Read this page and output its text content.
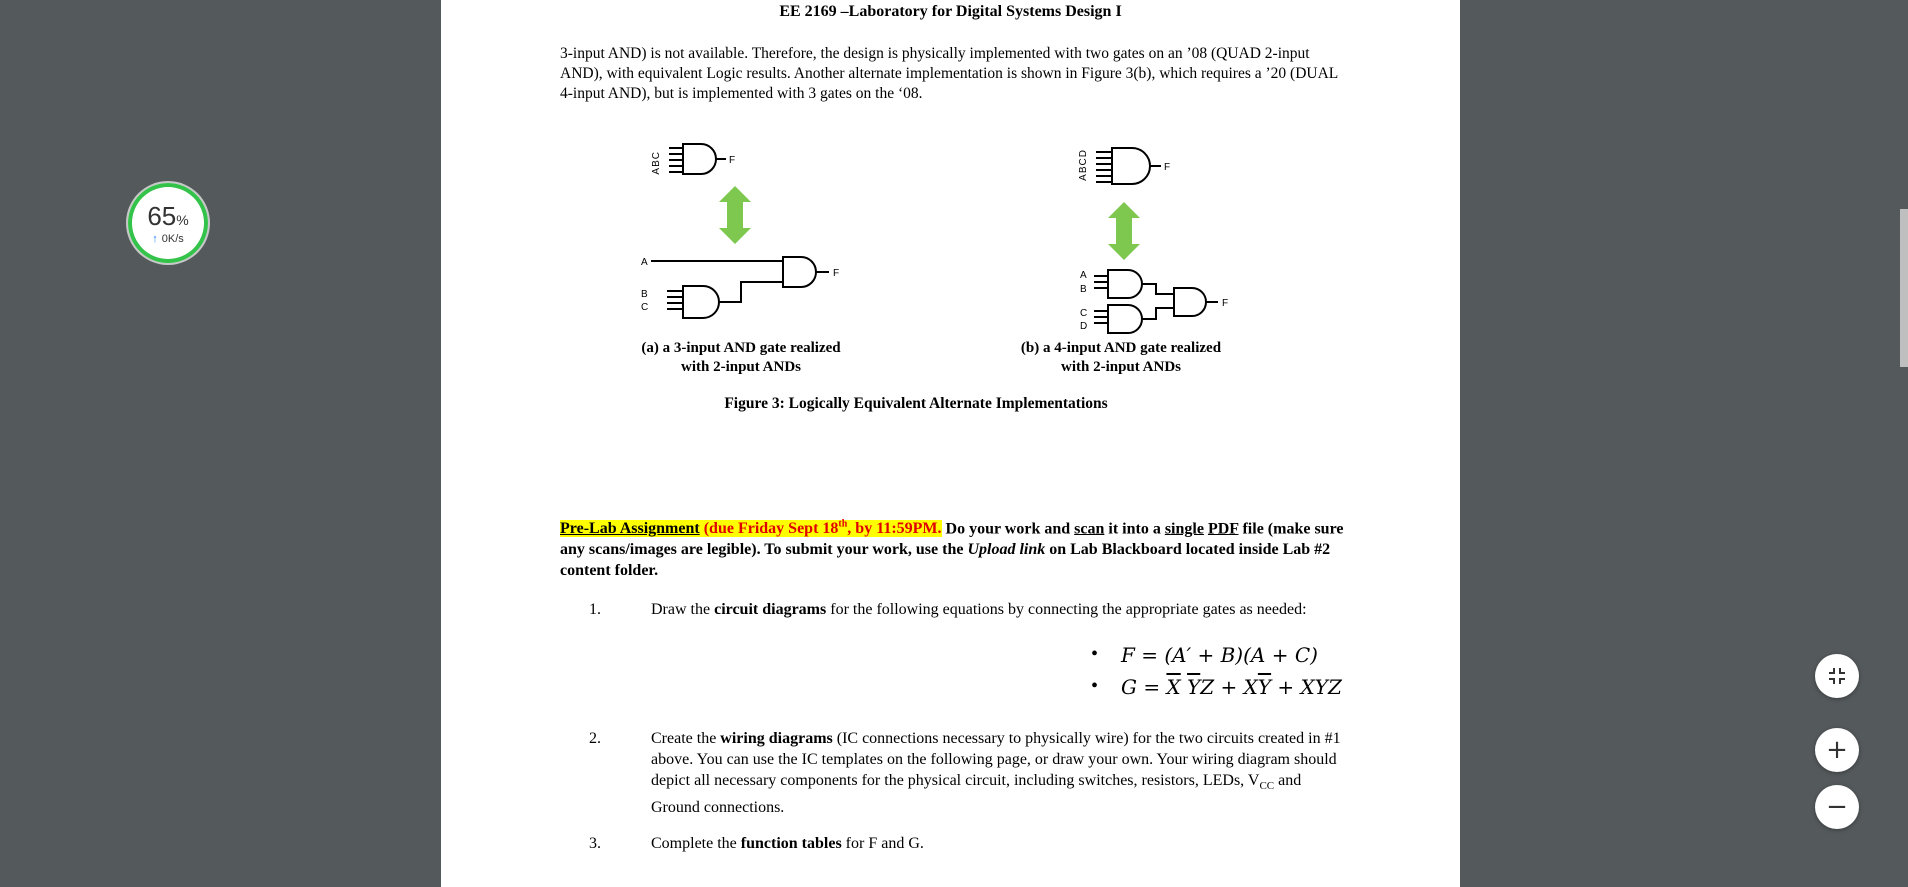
EE 2169 –Laboratory for Digital Systems Design I
3-input AND) is not available. Therefore, the design is physically implemented with two gates on an ’08 (QUAD 2-input AND), with equivalent Logic results. Another alternate implementation is shown in Figure 3(b), which requires a ’20 (DUAL 4-input AND), but is implemented with 3 gates on the ‘08.
ABC	F
A
B
C
F
ABCD
F
A
B
C
D
F
(a) a 3-input AND gate realized
with 2-input ANDs
(b) a 4-input AND gate realized
with 2-input ANDs
Figure 3: Logically Equivalent Alternate Implementations
Pre-Lab Assignment (due Friday Sept 18th, by 11:59PM. Do your work and scan it into a single PDF file (make sure any scans/images are legible). To submit your work, use the Upload link on Lab Blackboard located inside Lab #2 content folder.
1.	Draw the circuit diagrams for the following equations by connecting the appropriate gates as needed:
• F = (A′ + B)(A + C)
• $G = \overline{X}$ $\overline{Y}Z + X\overline{Y}$ + XYZ
2.	Create the wiring diagrams (IC connections necessary to physically wire) for the two circuits created in #1 above. You can use the IC templates on the following page, or draw your own. Your wiring diagram should depict all necessary components for the physical circuit, including switches, resistors, LEDs, $V_{CC}$ and Ground connections.
3.	Complete the function tables for F and G.
65%
↑ 0K/s
+
−
